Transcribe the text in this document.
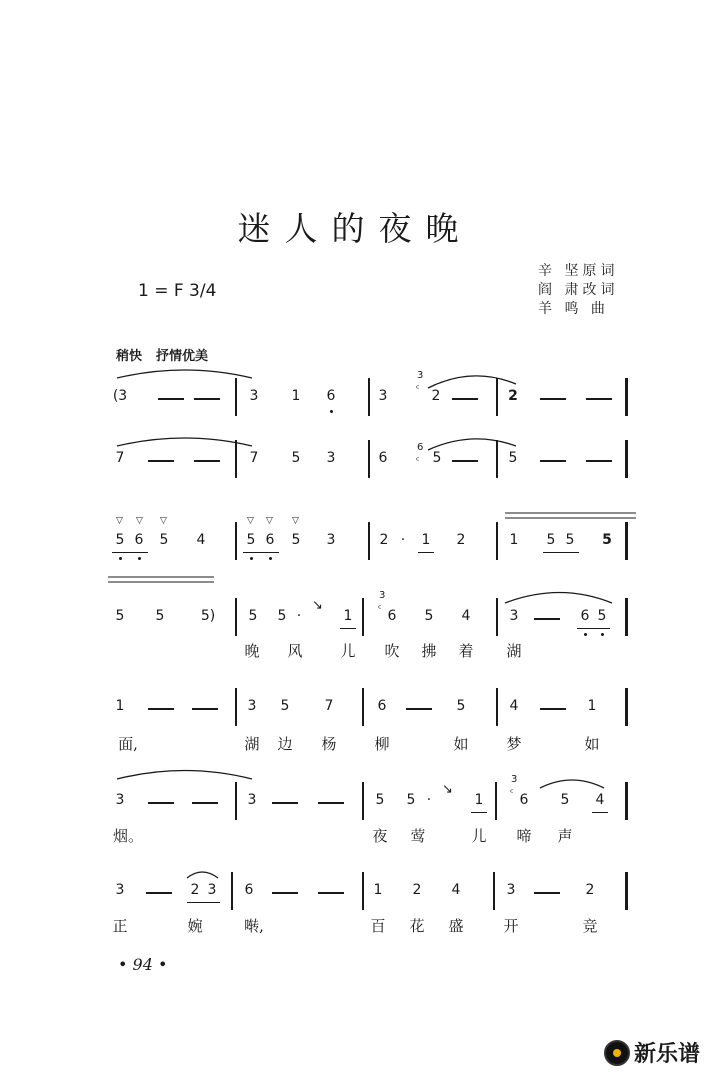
迷人的夜晚
1 = F 3/4
辛 坚原词
阎 肃改词
羊 鸣 曲
稍快 抒情优美
(3	3 1 6	3
3
ᶜ 2	2
7	7 5 3	6
6
ᶜ 5	5
▽ ▽ ▽
5 6 5 4
▽ ▽ ▽
5 6 5 3	2 · 1 2	1 5 5 5
5 5	5) 5 5 ·
↘
1
3
ᶜ 6 5 4	3	6 5
晚 风	儿 吹 拂 着 湖
1	3 5	7	6	5	4	1
面,	湖 边 杨	柳	如	梦	如
3	3	5 5 ·
↘
1
3
ᶜ 6 5 4
烟。	夜 莺	儿 啼 声
3	2 3 6	1 2 4	3	2
正	婉	啭,	百 花 盛	开	竞
• 94 •
新乐谱
